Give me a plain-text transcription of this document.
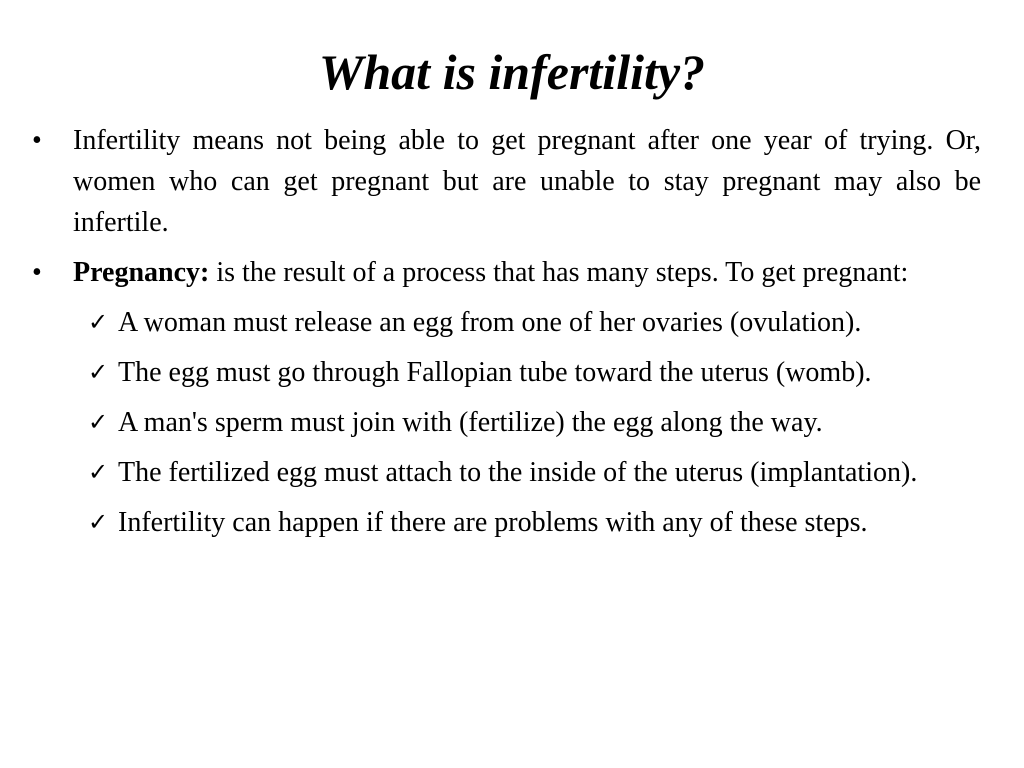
What is infertility?
•	Infertility means not being able to get pregnant after one year of trying. Or, women who can get pregnant but are unable to stay pregnant may also be infertile.
•	Pregnancy: is the result of a process that has many steps. To get pregnant:
✓ A woman must release an egg from one of her ovaries (ovulation).
✓ The egg must go through Fallopian tube toward the uterus (womb).
✓ A man's sperm must join with (fertilize) the egg along the way.
✓ The fertilized egg must attach to the inside of the uterus (implantation).
✓ Infertility can happen if there are problems with any of these steps.
